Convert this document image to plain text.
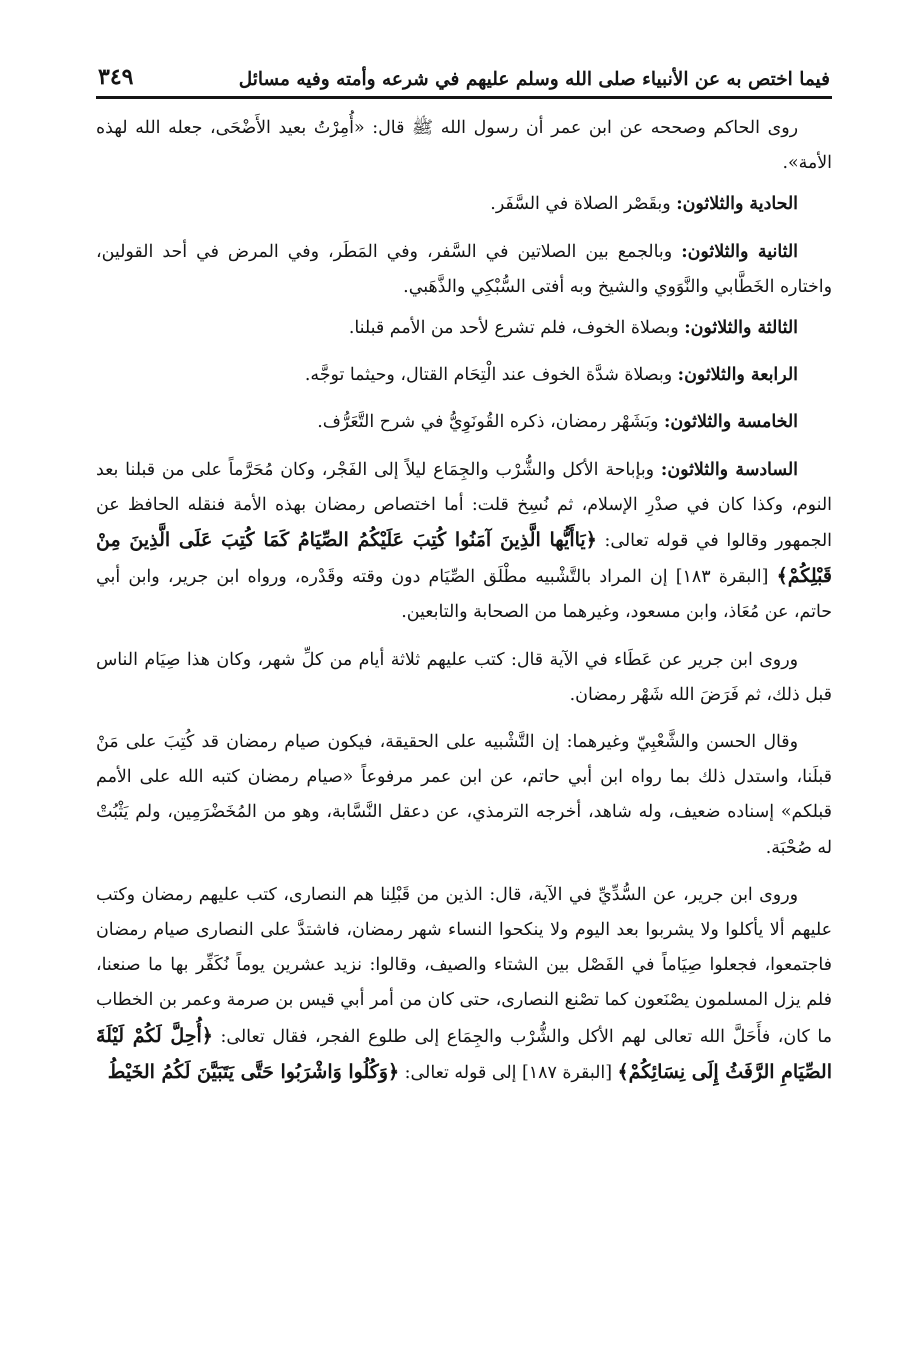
فيما اختص به عن الأنبياء صلى الله وسلم عليهم في شرعه وأمته وفيه مسائل
٣٤٩

روى الحاكم وصححه عن ابن عمر أن رسول الله ﷺ قال: «أُمِرْتُ بعيد الأَضْحَى، جعله الله لهذه الأمة».

الحادية والثلاثون: وبقَصْر الصلاة في السَّفَر.

الثانية والثلاثون: وبالجمع بين الصلاتين في السَّفر، وفي المَطَر، وفي المرض في أحد القولين، واختاره الخَطَّابي والنَّوَوي والشيخ وبه أفتى السُّبْكِي والذَّهَبي.

الثالثة والثلاثون: وبصلاة الخوف، فلم تشرع لأحد من الأمم قبلنا.

الرابعة والثلاثون: وبصلاة شدَّة الخوف عند الْتِحَام القتال، وحيثما توجَّه.

الخامسة والثلاثون: وبَشَهْر رمضان، ذكره القُونَوِيُّ في شرح التَّعَرُّف.

السادسة والثلاثون: وبإباحة الأكل والشُّرْب والجِمَاع ليلاً إلى الفَجْر، وكان مُحَرَّماً على من قبلنا بعد النوم، وكذا كان في صدْرِ الإسلام، ثم نُسِخ قلت: أما اختصاص رمضان بهذه الأمة فنقله الحافظ عن الجمهور وقالوا في قوله تعالى: ﴿يَاأَيُّها الَّذِينَ آمَنُوا كُتِبَ عَلَيْكُمُ الصِّيَامُ كَمَا كُتِبَ عَلَى الَّذِينَ مِنْ قَبْلِكُمْ﴾ [البقرة ١٨٣] إن المراد بالتَّشْبيه مطْلَق الصِّيَام دون وقته وقَدْره، ورواه ابن جرير، وابن أبي حاتم، عن مُعَاذ، وابن مسعود، وغيرهما من الصحابة والتابعين.

وروى ابن جرير عن عَطَاء في الآية قال: كتب عليهم ثلاثة أيام من كلِّ شهر، وكان هذا صِيَام الناس قبل ذلك، ثم فَرَضَ الله شَهْر رمضان.

وقال الحسن والشَّعْبِيّ وغيرهما: إن التَّشْبيه على الحقيقة، فيكون صيام رمضان قد كُتِبَ على مَنْ قبلَنا، واستدل ذلك بما رواه ابن أبي حاتم، عن ابن عمر مرفوعاً «صيام رمضان كتبه الله على الأمم قبلكم» إسناده ضعيف، وله شاهد، أخرجه الترمذي، عن دعقل النَّسَّابة، وهو من المُخَضْرَمِين، ولم يَثْبُتْ له صُحْبَة.

وروى ابن جرير، عن السُّدِّيِّ في الآية، قال: الذين من قَبْلِنا هم النصارى، كتب عليهم رمضان وكتب عليهم ألا يأكلوا ولا يشربوا بعد اليوم ولا ينكحوا النساء شهر رمضان، فاشتدَّ على النصارى صيام رمضان فاجتمعوا، فجعلوا صِيَاماً في الفَصْل بين الشتاء والصيف، وقالوا: نزيد عشرين يوماً نُكَفِّر بها ما صنعنا، فلم يزل المسلمون يصْنَعون كما تصْنع النصارى، حتى كان من أمر أبي قيس بن صرمة وعمر بن الخطاب ما كان، فأَحَلَّ الله تعالى لهم الأكل والشُّرْب والجِمَاع إلى طلوع الفجر، فقال تعالى: ﴿أُحِلَّ لَكُمْ لَيْلَةَ الصِّيَامِ الرَّفَثُ إِلَى نِسَائِكُمْ﴾ [البقرة ١٨٧] إلى قوله تعالى: ﴿وَكُلُوا وَاشْرَبُوا حَتَّى يَتَبَيَّنَ لَكُمُ الخَيْطُ
